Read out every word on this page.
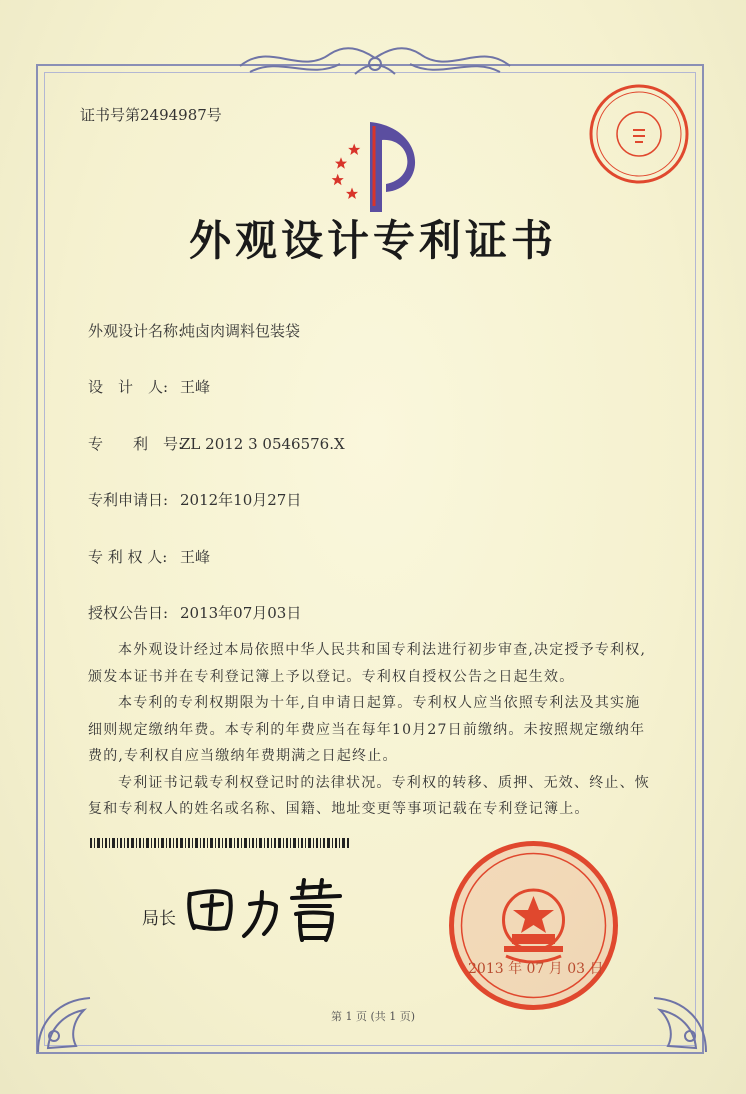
证书号第2494987号
外观设计专利证书
外观设计名称:炖卤肉调料包装袋
设　计　人: 王峰
专　　利　号:ZL 2012 3 0546576.X
专利申请日: 2012年10月27日
专 利 权 人: 王峰
授权公告日: 2013年07月03日

本外观设计经过本局依照中华人民共和国专利法进行初步审查,决定授予专利权,颁发本证书并在专利登记簿上予以登记。专利权自授权公告之日起生效。

本专利的专利权期限为十年,自申请日起算。专利权人应当依照专利法及其实施细则规定缴纳年费。本专利的年费应当在每年10月27日前缴纳。未按照规定缴纳年费的,专利权自应当缴纳年费期满之日起终止。

专利证书记载专利权登记时的法律状况。专利权的转移、质押、无效、终止、恢复和专利权人的姓名或名称、国籍、地址变更等事项记载在专利登记簿上。

局长
2013 年 07 月 03 日
第 1 页 (共 1 页)
